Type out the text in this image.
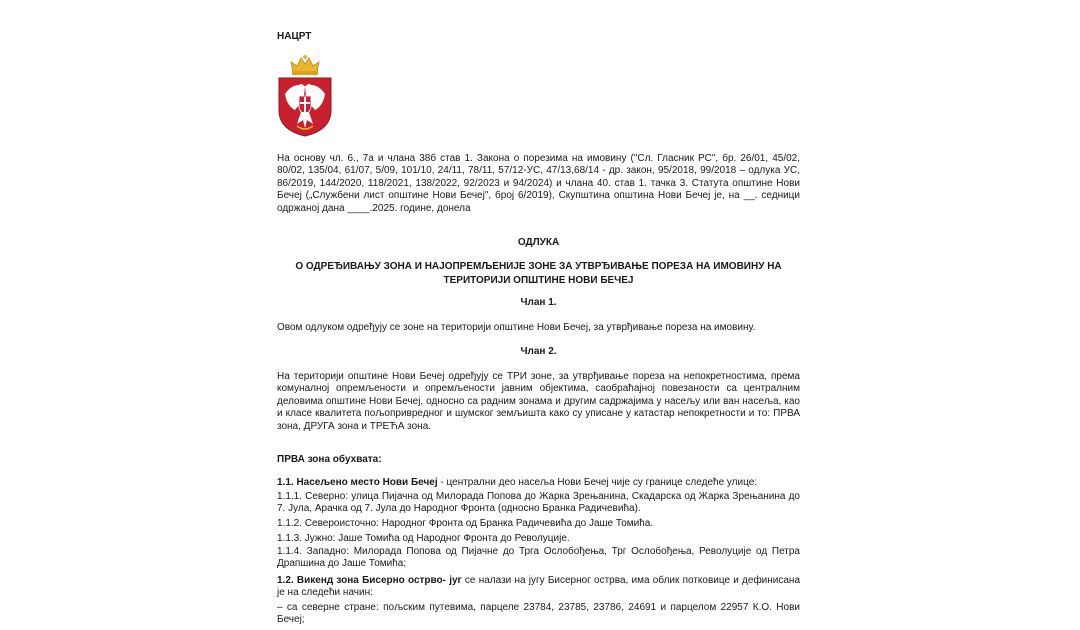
НАЦРТ

На основу чл. 6., 7а и члана 38б став 1. Закона о порезима на имовину ("Сл. Гласник РС", бр. 26/01, 45/02, 80/02, 135/04, 61/07, 5/09, 101/10, 24/11, 78/11, 57/12-УС, 47/13,68/14 - др. закон, 95/2018, 99/2018 – одлука УС, 86/2019, 144/2020, 118/2021, 138/2022, 92/2023 и 94/2024) и члана 40. став 1. тачка 3. Статута општине Нови Бечеј („Службени лист општине Нови Бечеј", број 6/2019), Скупштина општина Нови Бечеј је, на __. седници одржаној дана ____.2025. године, донела

ОДЛУКА

О ОДРЕЂИВАЊУ ЗОНА И НАЈОПРЕМЉЕНИЈЕ ЗОНЕ ЗА УТВРЂИВАЊЕ ПОРЕЗА НА ИМОВИНУ НА ТЕРИТОРИЈИ ОПШТИНЕ НОВИ БЕЧЕЈ

Члан 1.

Овом одлуком одређују се зоне на територији општине Нови Бечеј, за утврђивање пореза на имовину.

Члан 2.

На територији општине Нови Бечеј одређују се ТРИ зоне, за утврђивање пореза на непокретностима, према комуналној опремљености и опремљености јавним објектима, саобраћајној повезаности са централним деловима општине Нови Бечеј, односно са радним зонама и другим садржајима у насељу или ван насеља, као и класе квалитета пољопривредног и шумског земљишта како су уписане у катастар непокретности и то: ПРВА зона, ДРУГА зона и ТРЕЋА зона.

ПРВА зона обухвата:

1.1. Насељено место Нови Бечеј - централни део насеља Нови Бечеј чије су границе следеће улице:

1.1.1. Северно: улица Пијачна од Милорада Попова до Жарка Зрењанина, Скадарска од Жарка Зрењанина до 7. Јула, Арачка од 7. Јула до Народног Фронта (односно Бранка Радичевића).

1.1.2. Североисточно: Народног Фронта од Бранка Радичевића до Јаше Томића.

1.1.3. Јужно: Јаше Томића од Народног Фронта до Револуције.

1.1.4. Западно: Милорада Попова од Пијачне до Трга Ослобођења, Трг Ослобођења, Револуције од Петра Драпшина до Јаше Томића;

1.2. Викенд зона Бисерно острво- југ се налази на југу Бисерног острва, има облик потковице и дефинисана је на следећи начин:

– са северне стране: пољским путевима, парцеле 23784, 23785, 23786, 24691 и парцелом 22957 К.О. Нови Бечеј;
